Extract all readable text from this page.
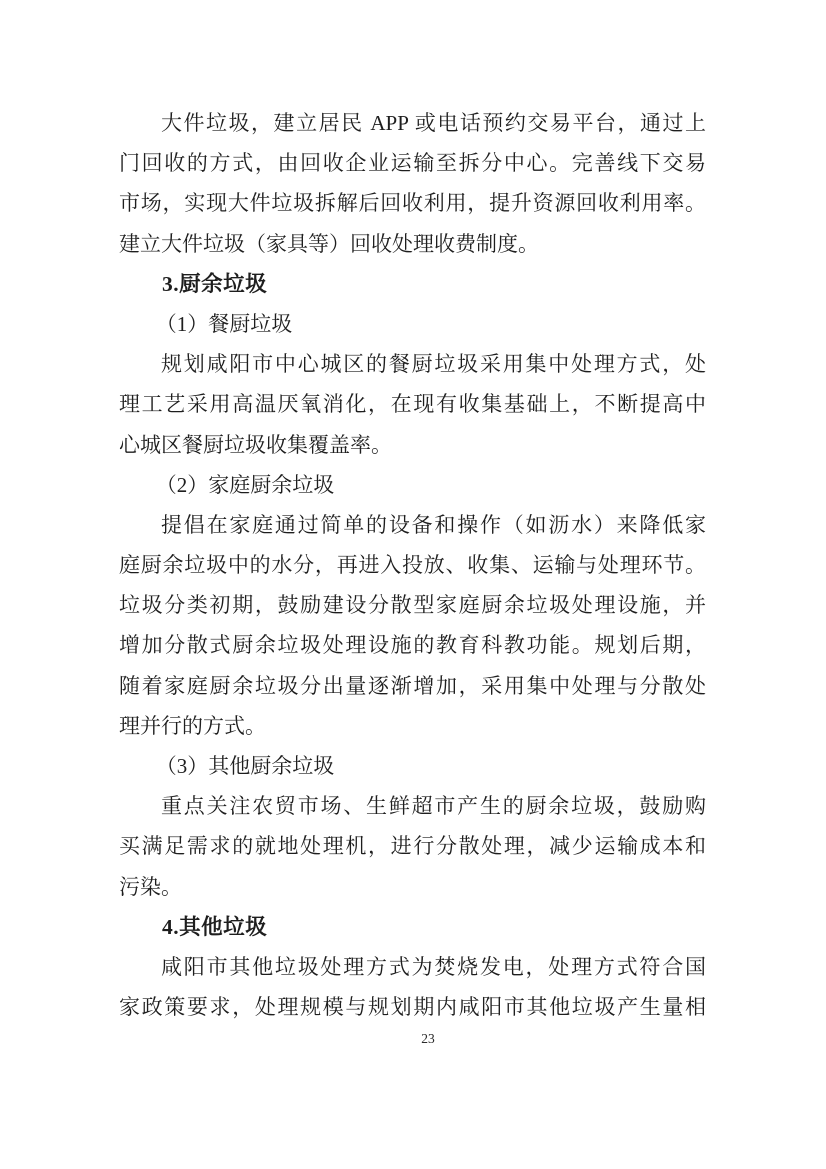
大件垃圾，建立居民 APP 或电话预约交易平台，通过上
门回收的方式，由回收企业运输至拆分中心。完善线下交易
市场，实现大件垃圾拆解后回收利用，提升资源回收利用率。
建立大件垃圾（家具等）回收处理收费制度。
3.厨余垃圾
（1）餐厨垃圾
规划咸阳市中心城区的餐厨垃圾采用集中处理方式，处
理工艺采用高温厌氧消化，在现有收集基础上，不断提高中
心城区餐厨垃圾收集覆盖率。
（2）家庭厨余垃圾
提倡在家庭通过简单的设备和操作（如沥水）来降低家
庭厨余垃圾中的水分，再进入投放、收集、运输与处理环节。
垃圾分类初期，鼓励建设分散型家庭厨余垃圾处理设施，并
增加分散式厨余垃圾处理设施的教育科教功能。规划后期，
随着家庭厨余垃圾分出量逐渐增加，采用集中处理与分散处
理并行的方式。
（3）其他厨余垃圾
重点关注农贸市场、生鲜超市产生的厨余垃圾，鼓励购
买满足需求的就地处理机，进行分散处理，减少运输成本和
污染。
4.其他垃圾
咸阳市其他垃圾处理方式为焚烧发电，处理方式符合国
家政策要求，处理规模与规划期内咸阳市其他垃圾产生量相
23
